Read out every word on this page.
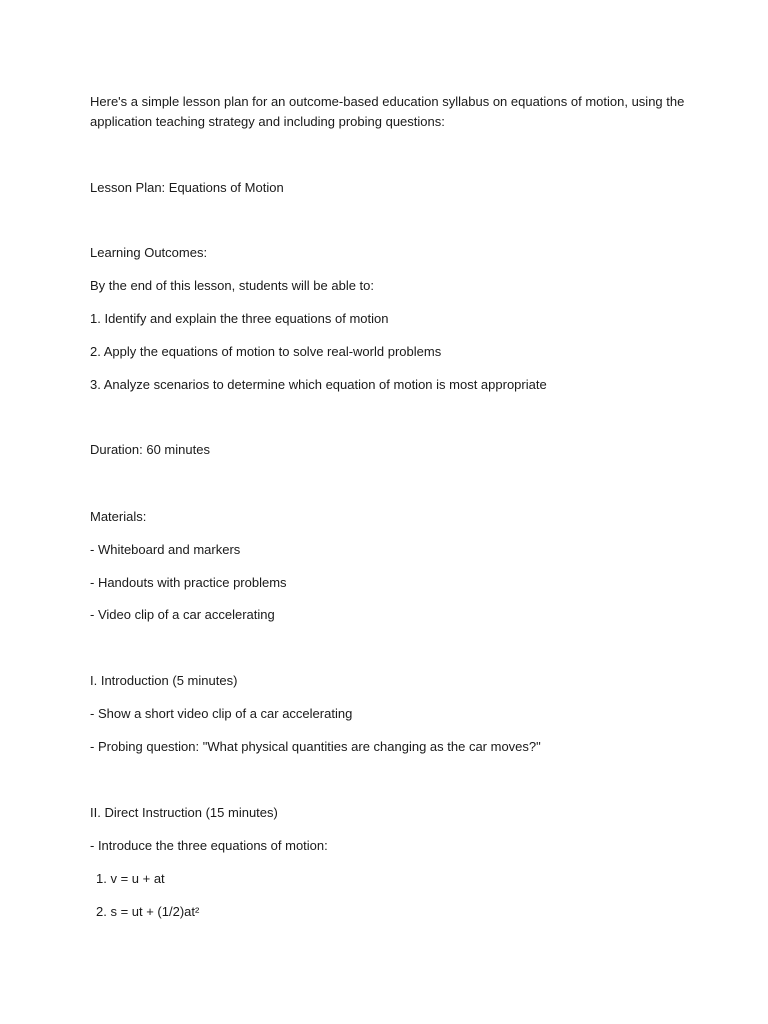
Here's a simple lesson plan for an outcome-based education syllabus on equations of motion, using the
application teaching strategy and including probing questions:
Lesson Plan: Equations of Motion
Learning Outcomes:
By the end of this lesson, students will be able to:
1. Identify and explain the three equations of motion
2. Apply the equations of motion to solve real-world problems
3. Analyze scenarios to determine which equation of motion is most appropriate
Duration: 60 minutes
Materials:
- Whiteboard and markers
- Handouts with practice problems
- Video clip of a car accelerating
I. Introduction (5 minutes)
- Show a short video clip of a car accelerating
- Probing question: "What physical quantities are changing as the car moves?"
II. Direct Instruction (15 minutes)
- Introduce the three equations of motion:
1. v = u + at
2. s = ut + (1/2)at²
